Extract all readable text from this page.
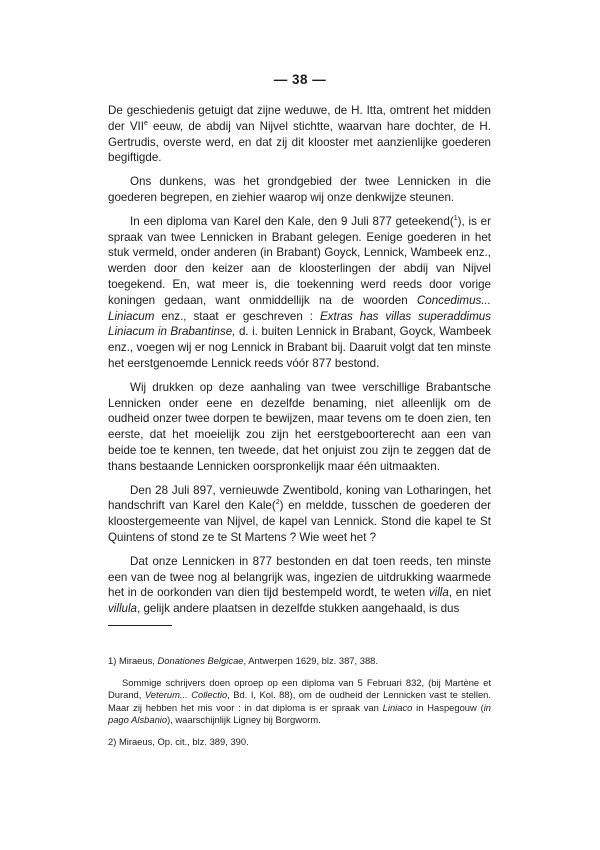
— 38 —

De geschiedenis getuigt dat zijne weduwe, de H. Itta, omtrent het midden der VIIe eeuw, de abdij van Nijvel stichtte, waarvan hare dochter, de H. Gertrudis, overste werd, en dat zij dit klooster met aanzienlijke goederen begiftigde.

Ons dunkens, was het grondgebied der twee Lennicken in die goederen begrepen, en ziehier waarop wij onze denkwijze steunen.

In een diploma van Karel den Kale, den 9 Juli 877 geteekend($^1$), is er spraak van twee Lennicken in Brabant gelegen. Eenige goederen in het stuk vermeld, onder anderen (in Brabant) Goyck, Lennick, Wambeek enz., werden door den keizer aan de kloosterlingen der abdij van Nijvel toegekend. En, wat meer is, die toekenning werd reeds door vorige koningen gedaan, want onmiddellijk na de woorden Concedimus... Liniacum enz., staat er geschreven : Extras has villas superaddimus Liniacum in Brabantinse, d. i. buiten Lennick in Brabant, Goyck, Wambeek enz., voegen wij er nog Lennick in Brabant bij. Daaruit volgt dat ten minste het eerstgenoemde Lennick reeds vóór 877 bestond.

Wij drukken op deze aanhaling van twee verschillige Brabantsche Lennicken onder eene en dezelfde benaming, niet alleenlijk om de oudheid onzer twee dorpen te bewijzen, maar tevens om te doen zien, ten eerste, dat het moeielijk zou zijn het eerstgeboorterecht aan een van beide toe te kennen, ten tweede, dat het onjuist zou zijn te zeggen dat de thans bestaande Lennicken oorspronkelijk maar één uitmaakten.

Den 28 Juli 897, vernieuwde Zwentibold, koning van Lotharingen, het handschrift van Karel den Kale($^2$) en meldde, tusschen de goederen der kloostergemeente van Nijvel, de kapel van Lennick. Stond die kapel te St Quintens of stond ze te St Martens ? Wie weet het ?

Dat onze Lennicken in 877 bestonden en dat toen reeds, ten minste een van de twee nog al belangrijk was, ingezien de uitdrukking waarmede het in de oorkonden van dien tijd bestempeld wordt, te weten villa, en niet villula, gelijk andere plaatsen in dezelfde stukken aangehaald, is dus

1) Miraeus, Donationes Belgicae, Antwerpen 1629, blz. 387, 388.

Sommige schrijvers doen oproep op een diploma van 5 Februari 832, (bij Martène et Durand, Veterum... Collectio, Bd. I, Kol. 88), om de oudheid der Lennicken vast te stellen. Maar zij hebben het mis voor : in dat diploma is er spraak van Liniaco in Haspegouw (in pago Alsbanio), waarschijnlijk Ligney bij Borgworm.

2) Miraeus, Op. cit., blz. 389, 390.
